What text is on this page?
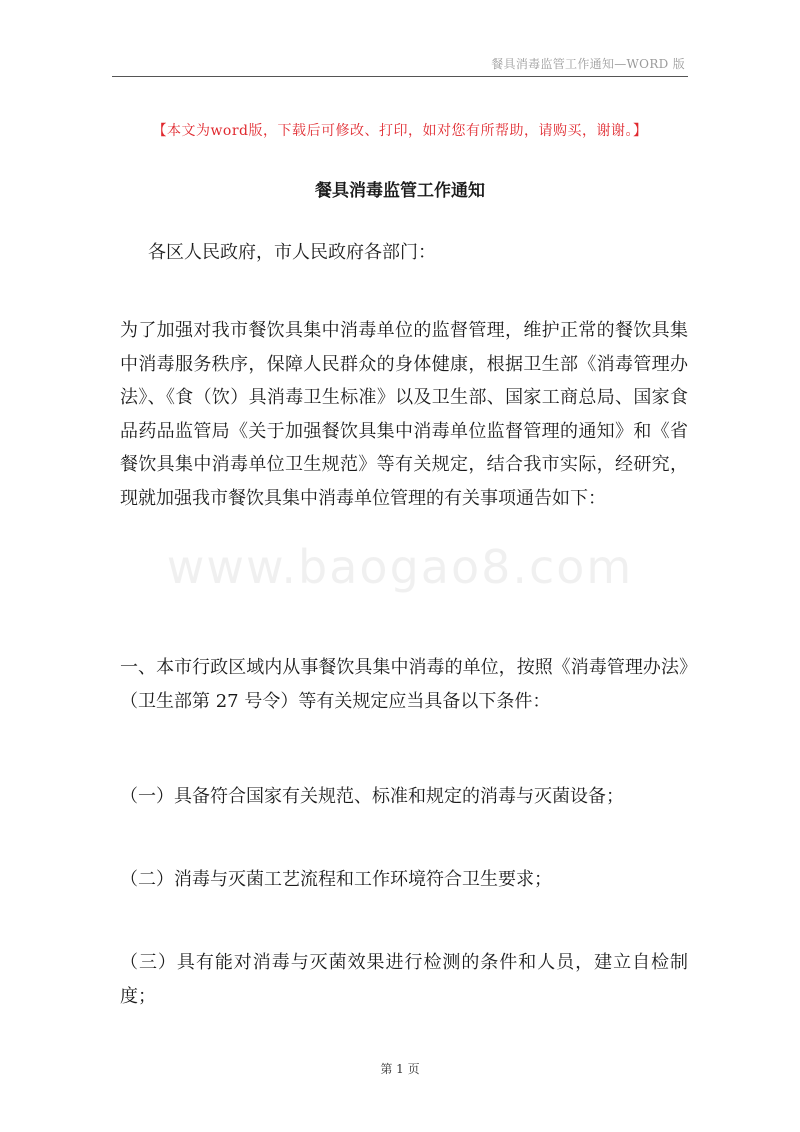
餐具消毒监管工作通知—WORD 版
【本文为word版，下载后可修改、打印，如对您有所帮助，请购买，谢谢。】
餐具消毒监管工作通知
www.baogao8.com
各区人民政府，市人民政府各部门：
为了加强对我市餐饮具集中消毒单位的监督管理，维护正常的餐饮具集中消毒服务秩序，保障人民群众的身体健康，根据卫生部《消毒管理办法》、《食（饮）具消毒卫生标准》以及卫生部、国家工商总局、国家食品药品监管局《关于加强餐饮具集中消毒单位监督管理的通知》和《省餐饮具集中消毒单位卫生规范》等有关规定，结合我市实际，经研究，现就加强我市餐饮具集中消毒单位管理的有关事项通告如下：
一、本市行政区域内从事餐饮具集中消毒的单位，按照《消毒管理办法》（卫生部第 27 号令）等有关规定应当具备以下条件：
（一）具备符合国家有关规范、标准和规定的消毒与灭菌设备；
（二）消毒与灭菌工艺流程和工作环境符合卫生要求；
（三）具有能对消毒与灭菌效果进行检测的条件和人员，建立自检制度；
第 1 页
